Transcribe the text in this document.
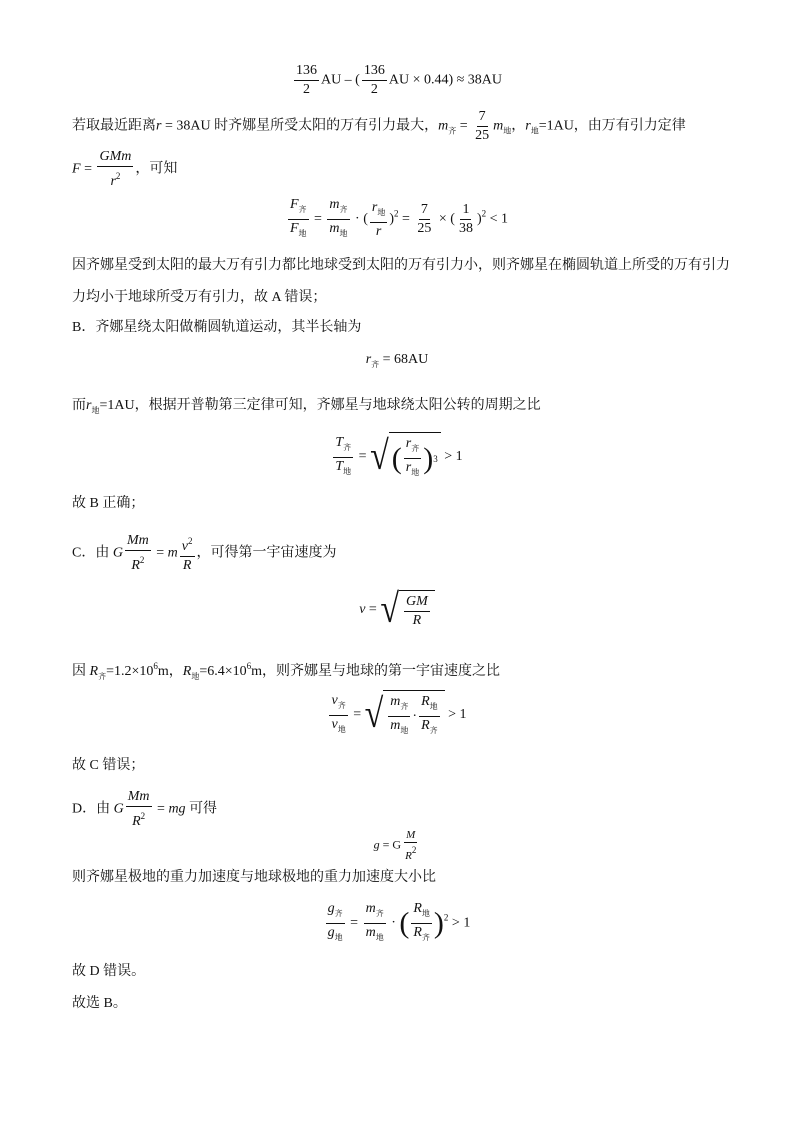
$\frac{136}{2}$ AU – ( $\frac{136}{2}$ AU × 0.44) ≈ 38AU
若取最近距离r = 38AU 时齐娜星所受太阳的万有引力最大，$m_齐 = \frac{7}{25} m_地$，$r_地=1AU$，由万有引力定律
$F = \frac{\text{GMm}}{r^2}$ ，可知
$\frac{F_齐}{F_地} = \frac{m_齐}{m_地}$ · ( $\frac{r_地}{r} )^2 = \frac{7}{25}$ × ( $\frac{1}{38} )^2 < 1$
因齐娜星受到太阳的最大万有引力都比地球受到太阳的万有引力小，则齐娜星在椭圆轨道上所受的万有引力
力均小于地球所受万有引力，故 A 错误；
B．齐娜星绕太阳做椭圆轨道运动，其半长轴为
$r_齐 = 68AU$
而$r_地=1AU$，根据开普勒第三定律可知，齐娜星与地球绕太阳公转的周期之比
$\frac{T_齐}{T_地}$ = √ ( $\frac{r_齐}{r_地}$ ) 3 > 1
故 B 正确；
C．由 G $\frac{Mm}{R^2} = m \frac{v^2}{R}$ ，可得第一宇宙速度为
v = √ $\frac{GM}{R}$
因 $R_齐=1.2\times 10^6m$，$R_地=6.4\times 10^6m$，则齐娜星与地球的第一宇宙速度之比
$\frac{v_齐}{v_地}$ = √ $\frac{m_齐}{m_地} \cdot \frac{R_地}{R_齐} > 1$
故 C 错误；
D．由 G $\frac{Mm}{R^2}$ = mg 可得
g = G $\frac{M}{R^2}$
则齐娜星极地的重力加速度与地球极地的重力加速度大小比
$\frac{g_齐}{g_地} = \frac{m_齐}{m_地}$ · ( $\frac{R_地}{R_齐} )^2 > 1$
故 D 错误。
故选 B。
